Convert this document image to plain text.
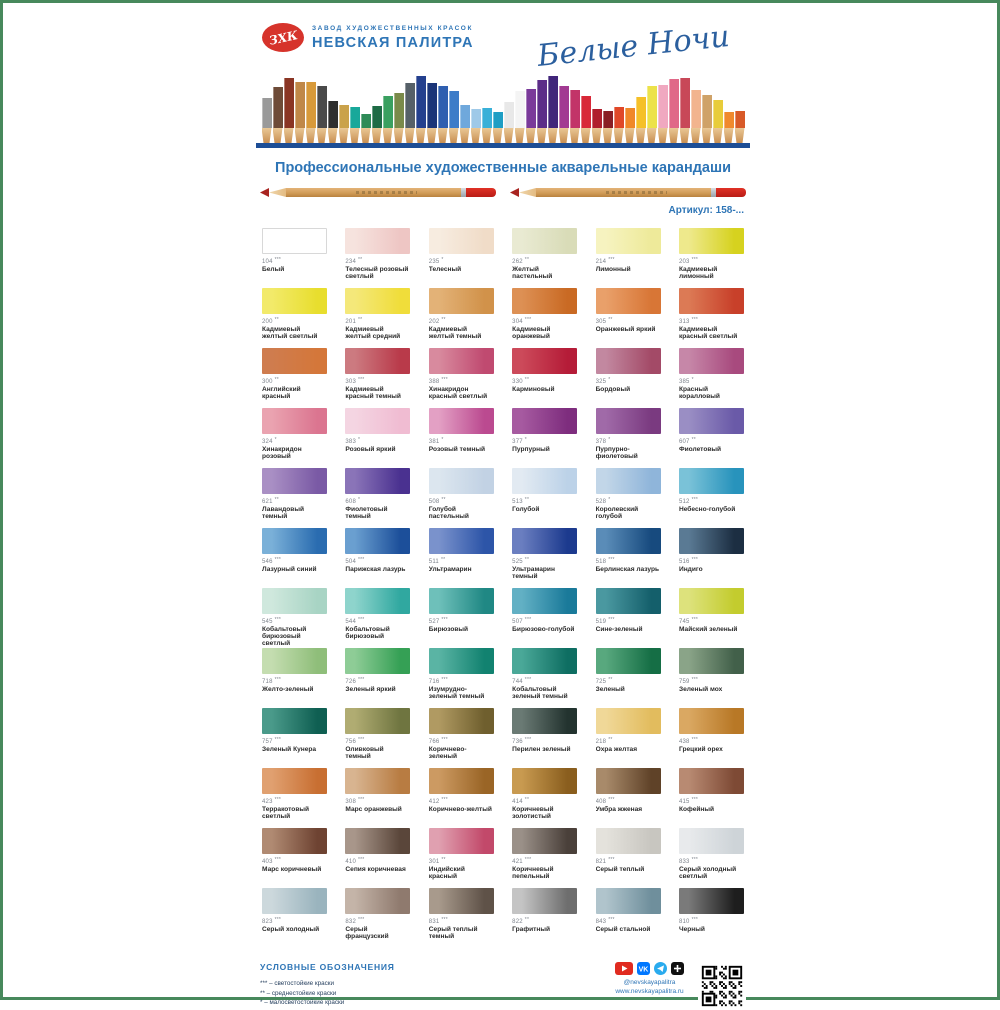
ЗХК ЗАВОД ХУДОЖЕСТВЕННЫХ КРАСОК
НЕВСКАЯ ПАЛИТРА Белые Ночи
Профессиональные художественные акварельные карандаши
Артикул: 158-...
104 ***
Белый
234 **
Телесный розовый светлый
235 *
Телесный
262 **
Желтый пастельный
214 ***
Лимонный
203 ***
Кадмиевый лимонный
200 **
Кадмиевый желтый светлый
201 **
Кадмиевый желтый средний
202 **
Кадмиевый желтый темный
304 ***
Кадмиевый оранжевый
305 **
Оранжевый яркий
313 ***
Кадмиевый красный светлый
300 **
Английский красный
303 ***
Кадмиевый красный темный
388 ***
Хинакридон красный светлый
330 **
Карминовый
325 *
Бордовый
385 *
Красный коралловый
324 *
Хинакридон розовый
383 *
Розовый яркий
381 *
Розовый темный
377 *
Пурпурный
378 *
Пурпурно-фиолетовый
607 **
Фиолетовый
621 **
Лавандовый темный
608 *
Фиолетовый темный
508 **
Голубой пастельный
513 **
Голубой
528 *
Королевский голубой
512 ***
Небесно-голубой
546 ***
Лазурный синий
504 ***
Парижская лазурь
511 **
Ультрамарин
525 **
Ультрамарин темный
518 ***
Берлинская лазурь
516 ***
Индиго
545 ***
Кобальтовый бирюзовый светлый
544 ***
Кобальтовый бирюзовый
527 ***
Бирюзовый
507 ***
Бирюзово-голубой
519 ***
Сине-зеленый
745 ***
Майский зеленый
718 ***
Желто-зеленый
726 ***
Зеленый яркий
716 ***
Изумрудно-зеленый темный
744 ***
Кобальтовый зеленый темный
725 **
Зеленый
759 ***
Зеленый мох
757 ***
Зеленый Кунера
756 ***
Оливковый темный
766 ***
Коричнево-зеленый
736 ***
Перилен зеленый
218 **
Охра желтая
438 ***
Грецкий орех
423 ***
Терракотовый светлый
308 ***
Марс оранжевый
412 ***
Коричнево-желтый
414 **
Коричневый золотистый
408 ***
Умбра жженая
415 ***
Кофейный
403 ***
Марс коричневый
410 ***
Сепия коричневая
301 **
Индийский красный
421 ***
Коричневый пепельный
821 ***
Серый теплый
833 ***
Серый холодный светлый
823 ***
Серый холодный
832 ***
Серый французский
831 ***
Серый теплый темный
822 **
Графитный
843 ***
Серый стальной
810 ***
Черный
УСЛОВНЫЕ ОБОЗНАЧЕНИЯ
*** – светостойкие краски
** – среднестойкие краски
* – малосветостойкие краски
VK
@nevskayapalitra
www.nevskayapalitra.ru
